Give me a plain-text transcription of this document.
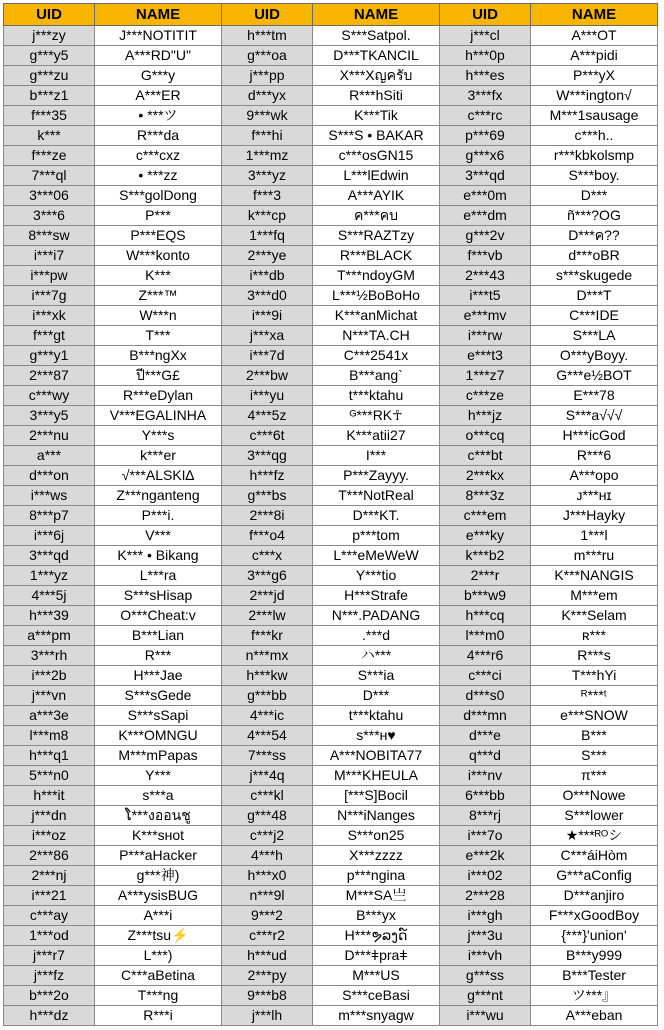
UID	NAME	UID	NAME	UID	NAME
j***zy	J***NOTITIT	h***tm	S***Satpol.	j***cl	A***OT
g***y5	A***RD"U"	g***oa	D***TKANCIL	h***0p	A***pidi
g***zu	G***y	j***pp	X***Xญครับ	h***es	P***yX
b***z1	A***ER	d***yx	R***hSiti	3***fx	W***ington√
f***35	• ***ツ	9***wk	K***Tik	c***rc	M***1sausage
k***	R***da	f***hi	S***S • BAKAR	p***69	c***h..
f***ze	c***cxz	1***mz	c***osGN15	g***x6	r***kbkolsmp
7***ql	• ***zz	3***yz	L***lEdwin	3***qd	S***boy.
3***06	S***golDong	f***3	A***AYIK	e***0m	D***
3***6	P***	k***cp	ค***คบ	e***dm	ñ***?OG
8***sw	P***EQS	1***fq	S***RAZTzy	g***2v	D***ค??
i***i7	W***konto	2***ye	R***BLACK	f***vb	d***oBR
i***pw	K***	i***db	T***ndoyGM	2***43	s***skugede
i***7g	Z***™	3***d0	L***½BoBoHo	i***t5	D***T
i***xk	W***n	i***9i	K***anMichat	e***mv	C***IDE
f***gt	T***	j***xa	N***TA.CH	i***rw	S***LA
g***y1	B***ngXx	i***7d	C***2541x	e***t3	O***yBoyy.
2***87	ปี***G£	2***bw	B***ang`	1***z7	G***e½BOT
c***wy	R***eDylan	i***yu	t***ktahu	c***ze	E***78
3***y5	V***EGALINHA	4***5z	ᴳ***RK☥	h***jz	S***a√√√
2***nu	Y***s	c***6t	K***atii27	o***cq	H***icGod
a***	k***er	3***qg	I***	c***bt	R***6
d***on	√***ALSKI∆	h***fz	P***Zayyy.	2***kx	A***opo
i***ws	Z***nganteng	g***bs	T***NotReal	8***3z	ᴊ***ʜɪ
8***p7	P***i.	2***8i	D***KT.	c***em	J***Hayky
i***6j	V***	f***o4	p***tom	e***ky	1***l
3***qd	K*** • Bikang	c***x	L***eMeWeW	k***b2	m***ru
1***yz	L***ra	3***g6	Y***tio	2***r	K***NANGIS
4***5j	S***sHisap	2***jd	H***Strafe	b***w9	M***em
h***39	O***Cheat:v	2***lw	N***.PADANG	h***cq	K***Selam
a***pm	B***Lian	f***kr	.***d	l***m0	ʀ***
3***rh	R***	n***mx	ハ***	4***r6	R***s
i***2b	H***Jae	h***kw	S***ia	c***ci	T***hYi
j***vn	S***sGede	g***bb	D***	d***s0	ᴿ***ᵗ
a***3e	S***sSapi	4***ic	t***ktahu	d***mn	e***SNOW
l***m8	K***OMNGU	4***54	s***ʜ♥	d***e	B***
h***q1	M***mPapas	7***ss	A***NOBITA77	q***d	S***
5***n0	Y***	j***4q	M***KHEULA	i***nv	π***
h***it	s***a	c***kl	[***S]Bocil	6***bb	O***Nowe
j***dn	ໂ***งออนชู	g***48	N***iNanges	8***rj	S***lower
i***oz	K***sʜot	c***j2	S***on25	i***7o	★***ᴿᴼシ
2***86	P***aHacker	4***h	X***zzzz	e***2k	C***áiHòm
2***nj	g***神)	h***x0	p***ngina	i***02	G***aConfig
i***21	A***ysisBUG	n***9l	M***SA亗	2***28	D***anjiro
c***ay	A***i	9***2	B***yx	i***gh	F***xGoodBoy
1***od	Z***tsu⚡	c***r2	H***ຯລງດ໌	j***3u	{***}'union'
j***r7	L***)	h***ud	D***ǂpraǂ	i***vh	B***y999
j***fz	C***aBetina	2***py	M***US	g***ss	B***Tester
b***2o	T***ng	9***b8	S***ceBasi	g***nt	ツ***』
h***dz	R***i	j***lh	m***snyagw	i***wu	A***eban
